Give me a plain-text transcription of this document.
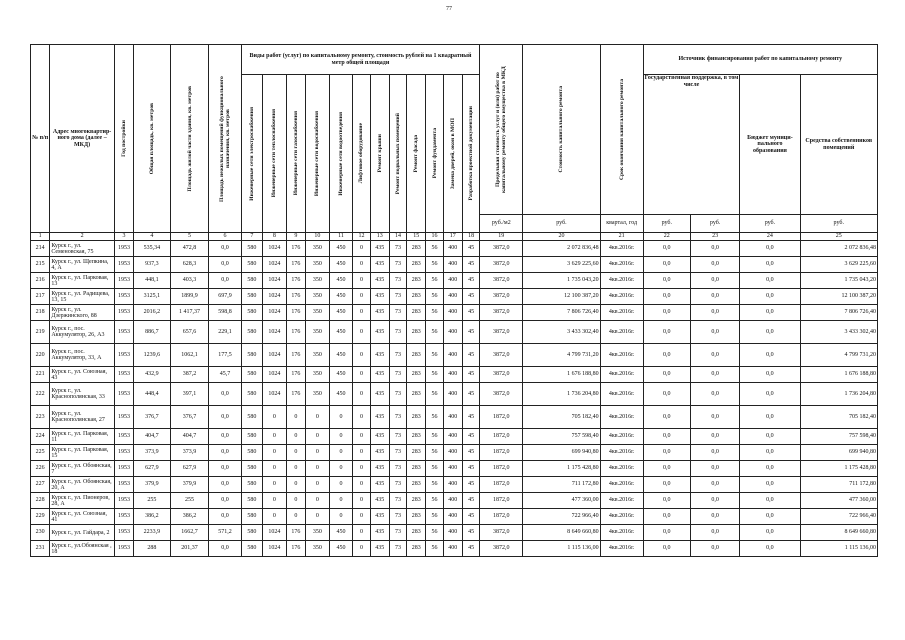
77
№ п/п	Адрес многоквартир-ного дома (далее – МКД)	Год постройки	Общая площадь, кв. метров	Площадь жилой части здания, кв. метров	Площадь нежилых помещений функционального назначения, кв. метров	Виды работ (услуг) по капитальному ремонту, стоимость рублей на 1 квадратный метр общей площади												Предельная стоимость услуг и (или) работ по капитальному ремонту общего имущества в МКД	Стоимость капитального ремонта	Срок окончания капитального ремонта	Источник финансирования работ по капитальному ремонту			

						Инженерные сети электроснабжения	Инженерные сети теплоснабжения	Инженерные сети газоснабжения	Инженерные сети водоснабжения	Инженерные сети водоотведения	Лифтовое оборудование	Ремонт крыши	Ремонт подвальных помещений	Ремонт фасада	Ремонт фундамента	Замена дверей, окон в МОП	Разработка проектной документации				Государственная поддержка, в том числе		Бюджет муници-пального образования	Средства собственников помещений
																		руб./м2	руб.	квартал, год	руб.	руб.	руб.	руб.
1	2	3	4	5	6	7	8	9	10	11	12	13	14	15	16	17	18	19	20	21	22	23	24	25
214	Курск г., ул. Семеновская, 75	1953	535,34	472,8	0,0	580	1024	176	350	450	0	435	73	283	56	400	45	3872,0	2 072 836,48	4кв.2016г.	0,0	0,0	0,0	2 072 836,48
215	Курск г., ул. Щепкина, 4, А	1953	937,3	628,3	0,0	580	1024	176	350	450	0	435	73	283	56	400	45	3872,0	3 629 225,60	4кв.2016г.	0,0	0,0	0,0	3 629 225,60
216	Курск г., ул. Парковая, 13	1953	448,1	403,3	0,0	580	1024	176	350	450	0	435	73	283	56	400	45	3872,0	1 735 043,20	4кв.2016г.	0,0	0,0	0,0	1 735 043,20
217	Курск г., ул. Радищева, 13, 15	1953	3125,1	1899,9	697,9	580	1024	176	350	450	0	435	73	283	56	400	45	3872,0	12 100 387,20	4кв.2016г.	0,0	0,0	0,0	12 100 387,20
218	Курск г., ул. Дзержинского, 88	1953	2016,2	1 417,37	598,8	580	1024	176	350	450	0	435	73	283	56	400	45	3872,0	7 806 726,40	4кв.2016г.	0,0	0,0	0,0	7 806 726,40
219	Курск г., пос. Аккумулятор, 26, А3	1953	886,7	657,6	229,1	580	1024	176	350	450	0	435	73	283	56	400	45	3872,0	3 433 302,40	4кв.2016г.	0,0	0,0	0,0	3 433 302,40
220	Курск г., пос. Аккумулятор, 33, А	1953	1239,6	1062,1	177,5	580	1024	176	350	450	0	435	73	283	56	400	45	3872,0	4 799 731,20	4кв.2016г.	0,0	0,0	0,0	4 799 731,20
221	Курск г., ул. Союзная, 43	1953	432,9	387,2	45,7	580	1024	176	350	450	0	435	73	283	56	400	45	3872,0	1 676 188,80	4кв.2016г.	0,0	0,0	0,0	1 676 188,80
222	Курск г., ул. Краснополянская, 33	1953	448,4	397,1	0,0	580	1024	176	350	450	0	435	73	283	56	400	45	3872,0	1 736 204,80	4кв.2016г.	0,0	0,0	0,0	1 736 204,80
223	Курск г., ул. Краснополянская, 27	1953	376,7	376,7	0,0	580	0	0	0	0	0	435	73	283	56	400	45	1872,0	705 182,40	4кв.2016г.	0,0	0,0	0,0	705 182,40
224	Курск г., ул. Парковая, 11	1953	404,7	404,7	0,0	580	0	0	0	0	0	435	73	283	56	400	45	1872,0	757 598,40	4кв.2016г.	0,0	0,0	0,0	757 598,40
225	Курск г., ул. Парковая, 15	1953	373,9	373,9	0,0	580	0	0	0	0	0	435	73	283	56	400	45	1872,0	699 940,80	4кв.2016г.	0,0	0,0	0,0	699 940,80
226	Курск г., ул. Обоянская, 7	1953	627,9	627,9	0,0	580	0	0	0	0	0	435	73	283	56	400	45	1872,0	1 175 428,80	4кв.2016г.	0,0	0,0	0,0	1 175 428,80
227	Курск г., ул. Обоянская, 20, А	1953	379,9	379,9	0,0	580	0	0	0	0	0	435	73	283	56	400	45	1872,0	711 172,80	4кв.2016г.	0,0	0,0	0,0	711 172,80
228	Курск г., ул. Пионеров, 28, А	1953	255	255	0,0	580	0	0	0	0	0	435	73	283	56	400	45	1872,0	477 360,00	4кв.2016г.	0,0	0,0	0,0	477 360,00
229	Курск г., ул. Союзная, 41	1953	386,2	386,2	0,0	580	0	0	0	0	0	435	73	283	56	400	45	1872,0	722 966,40	4кв.2016г.	0,0	0,0	0,0	722 966,40
230	Курск г., ул. Гайдара, 2	1953	2233,9	1662,7	571,2	580	1024	176	350	450	0	435	73	283	56	400	45	3872,0	8 649 660,80	4кв.2016г.	0,0	0,0	0,0	8 649 660,80
231	Курск г., ул.Обоянская , 18	1953	288	201,37	0,0	580	1024	176	350	450	0	435	73	283	56	400	45	3872,0	1 115 136,00	4кв.2016г.	0,0	0,0	0,0	1 115 136,00
